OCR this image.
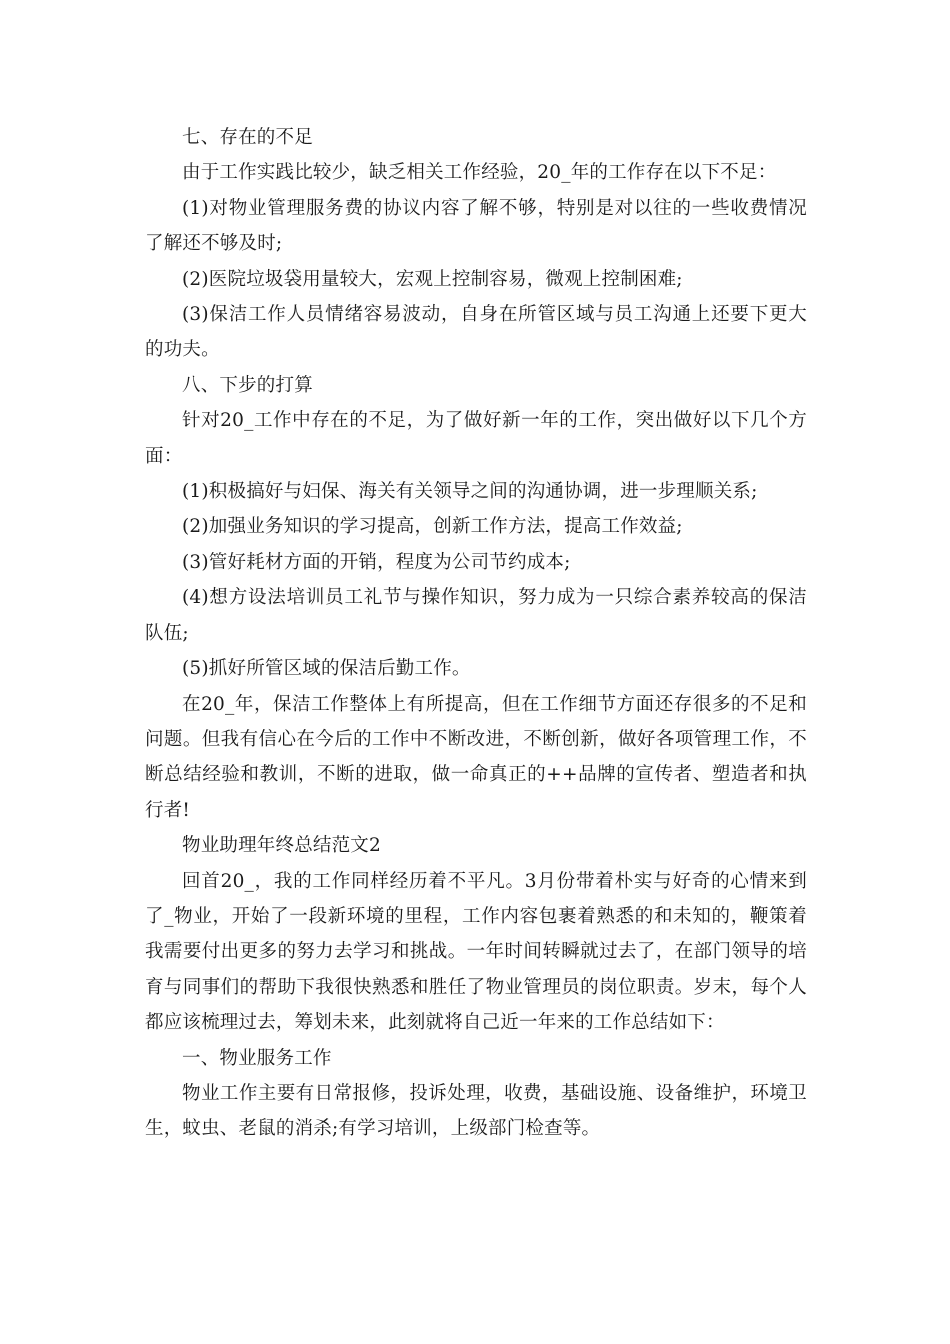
七、存在的不足

由于工作实践比较少，缺乏相关工作经验，20_年的工作存在以下不足：

(1)对物业管理服务费的协议内容了解不够，特别是对以往的一些收费情况了解还不够及时;

(2)医院垃圾袋用量较大，宏观上控制容易，微观上控制困难;

(3)保洁工作人员情绪容易波动，自身在所管区域与员工沟通上还要下更大的功夫。

八、下步的打算

针对20_工作中存在的不足，为了做好新一年的工作，突出做好以下几个方面：

(1)积极搞好与妇保、海关有关领导之间的沟通协调，进一步理顺关系;

(2)加强业务知识的学习提高，创新工作方法，提高工作效益;

(3)管好耗材方面的开销，程度为公司节约成本;

(4)想方设法培训员工礼节与操作知识，努力成为一只综合素养较高的保洁队伍;

(5)抓好所管区域的保洁后勤工作。

在20_年，保洁工作整体上有所提高，但在工作细节方面还存很多的不足和问题。但我有信心在今后的工作中不断改进，不断创新，做好各项管理工作，不断总结经验和教训，不断的进取，做一命真正的++品牌的宣传者、塑造者和执行者!

物业助理年终总结范文2

回首20_，我的工作同样经历着不平凡。3月份带着朴实与好奇的心情来到了_物业，开始了一段新环境的里程，工作内容包裹着熟悉的和未知的，鞭策着我需要付出更多的努力去学习和挑战。一年时间转瞬就过去了，在部门领导的培育与同事们的帮助下我很快熟悉和胜任了物业管理员的岗位职责。岁末，每个人都应该梳理过去，筹划未来，此刻就将自己近一年来的工作总结如下：

一、物业服务工作

物业工作主要有日常报修，投诉处理，收费，基础设施、设备维护，环境卫生，蚊虫、老鼠的消杀;有学习培训，上级部门检查等。
